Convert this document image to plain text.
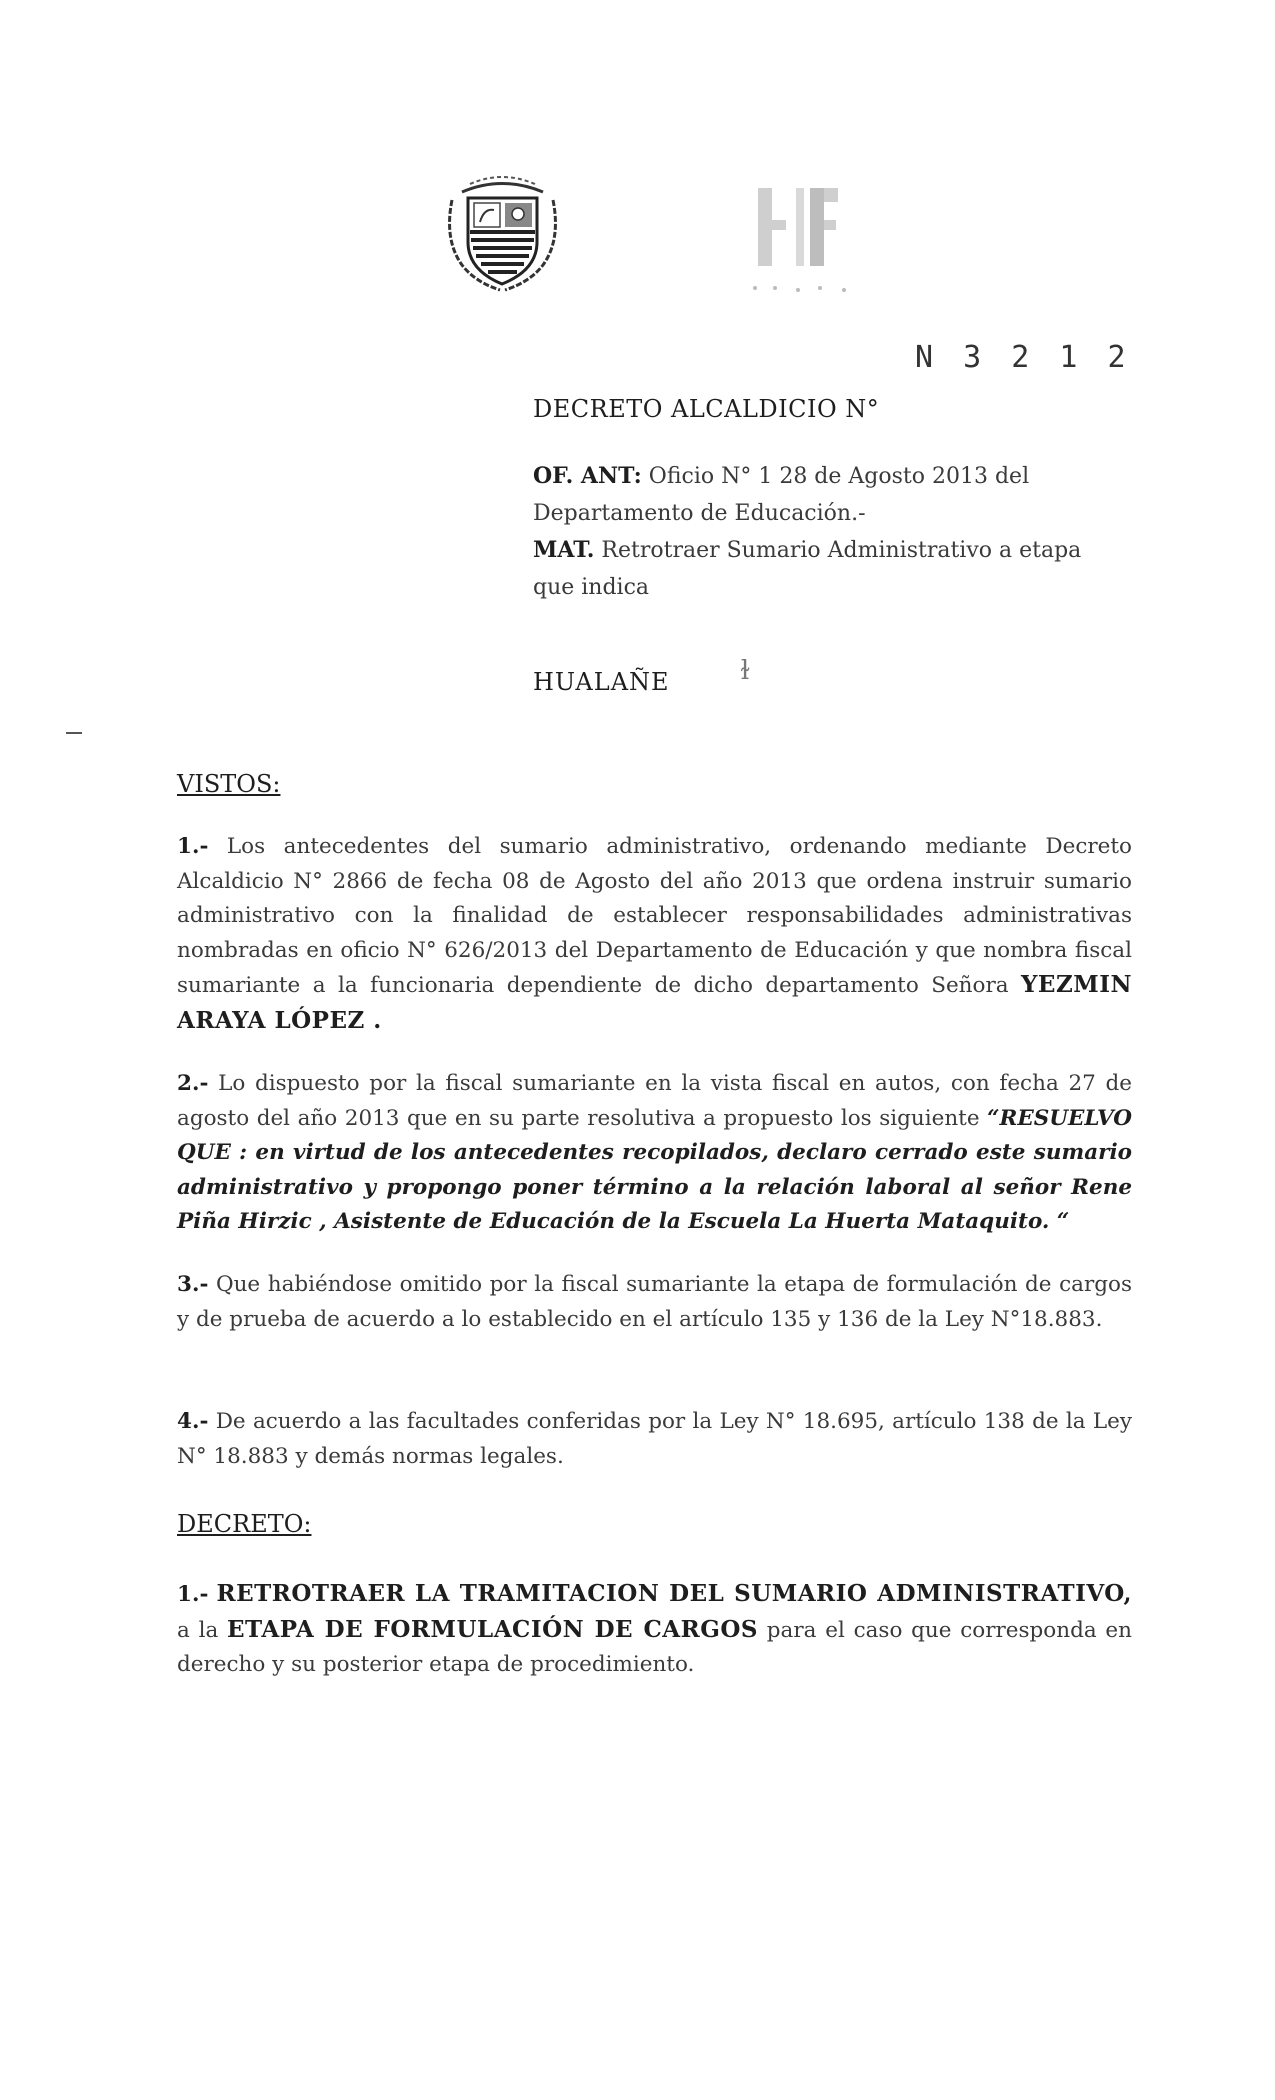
N 3 2 1 2
DECRETO ALCALDICIO N°
OF. ANT: Oficio N° 1 28 de Agosto 2013 del Departamento de Educación.-
MAT. Retrotraer Sumario Administrativo a etapa que indica
HUALAÑE	ɫ
VISTOS:
1.- Los antecedentes del sumario administrativo, ordenando mediante Decreto Alcaldicio N° 2866 de fecha 08 de Agosto del año 2013 que ordena instruir sumario administrativo con la finalidad de establecer responsabilidades administrativas nombradas en oficio N° 626/2013 del Departamento de Educación y que nombra fiscal sumariante a la funcionaria dependiente de dicho departamento Señora YEZMIN ARAYA LÓPEZ .
2.- Lo dispuesto por la fiscal sumariante en la vista fiscal en autos, con fecha 27 de agosto del año 2013 que en su parte resolutiva a propuesto los siguiente “RESUELVO QUE : en virtud de los antecedentes recopilados, declaro cerrado este sumario administrativo y propongo poner término a la relación laboral al señor Rene Piña Hirzic , Asistente de Educación de la Escuela La Huerta Mataquito. “
3.- Que habiéndose omitido por la fiscal sumariante la etapa de formulación de cargos y de prueba de acuerdo a lo establecido en el artículo 135 y 136 de la Ley N°18.883.
4.- De acuerdo a las facultades conferidas por la Ley N° 18.695, artículo 138 de la Ley N° 18.883 y demás normas legales.
DECRETO:
1.- RETROTRAER LA TRAMITACION DEL SUMARIO ADMINISTRATIVO, a la ETAPA DE FORMULACIÓN DE CARGOS para el caso que corresponda en derecho y su posterior etapa de procedimiento.
